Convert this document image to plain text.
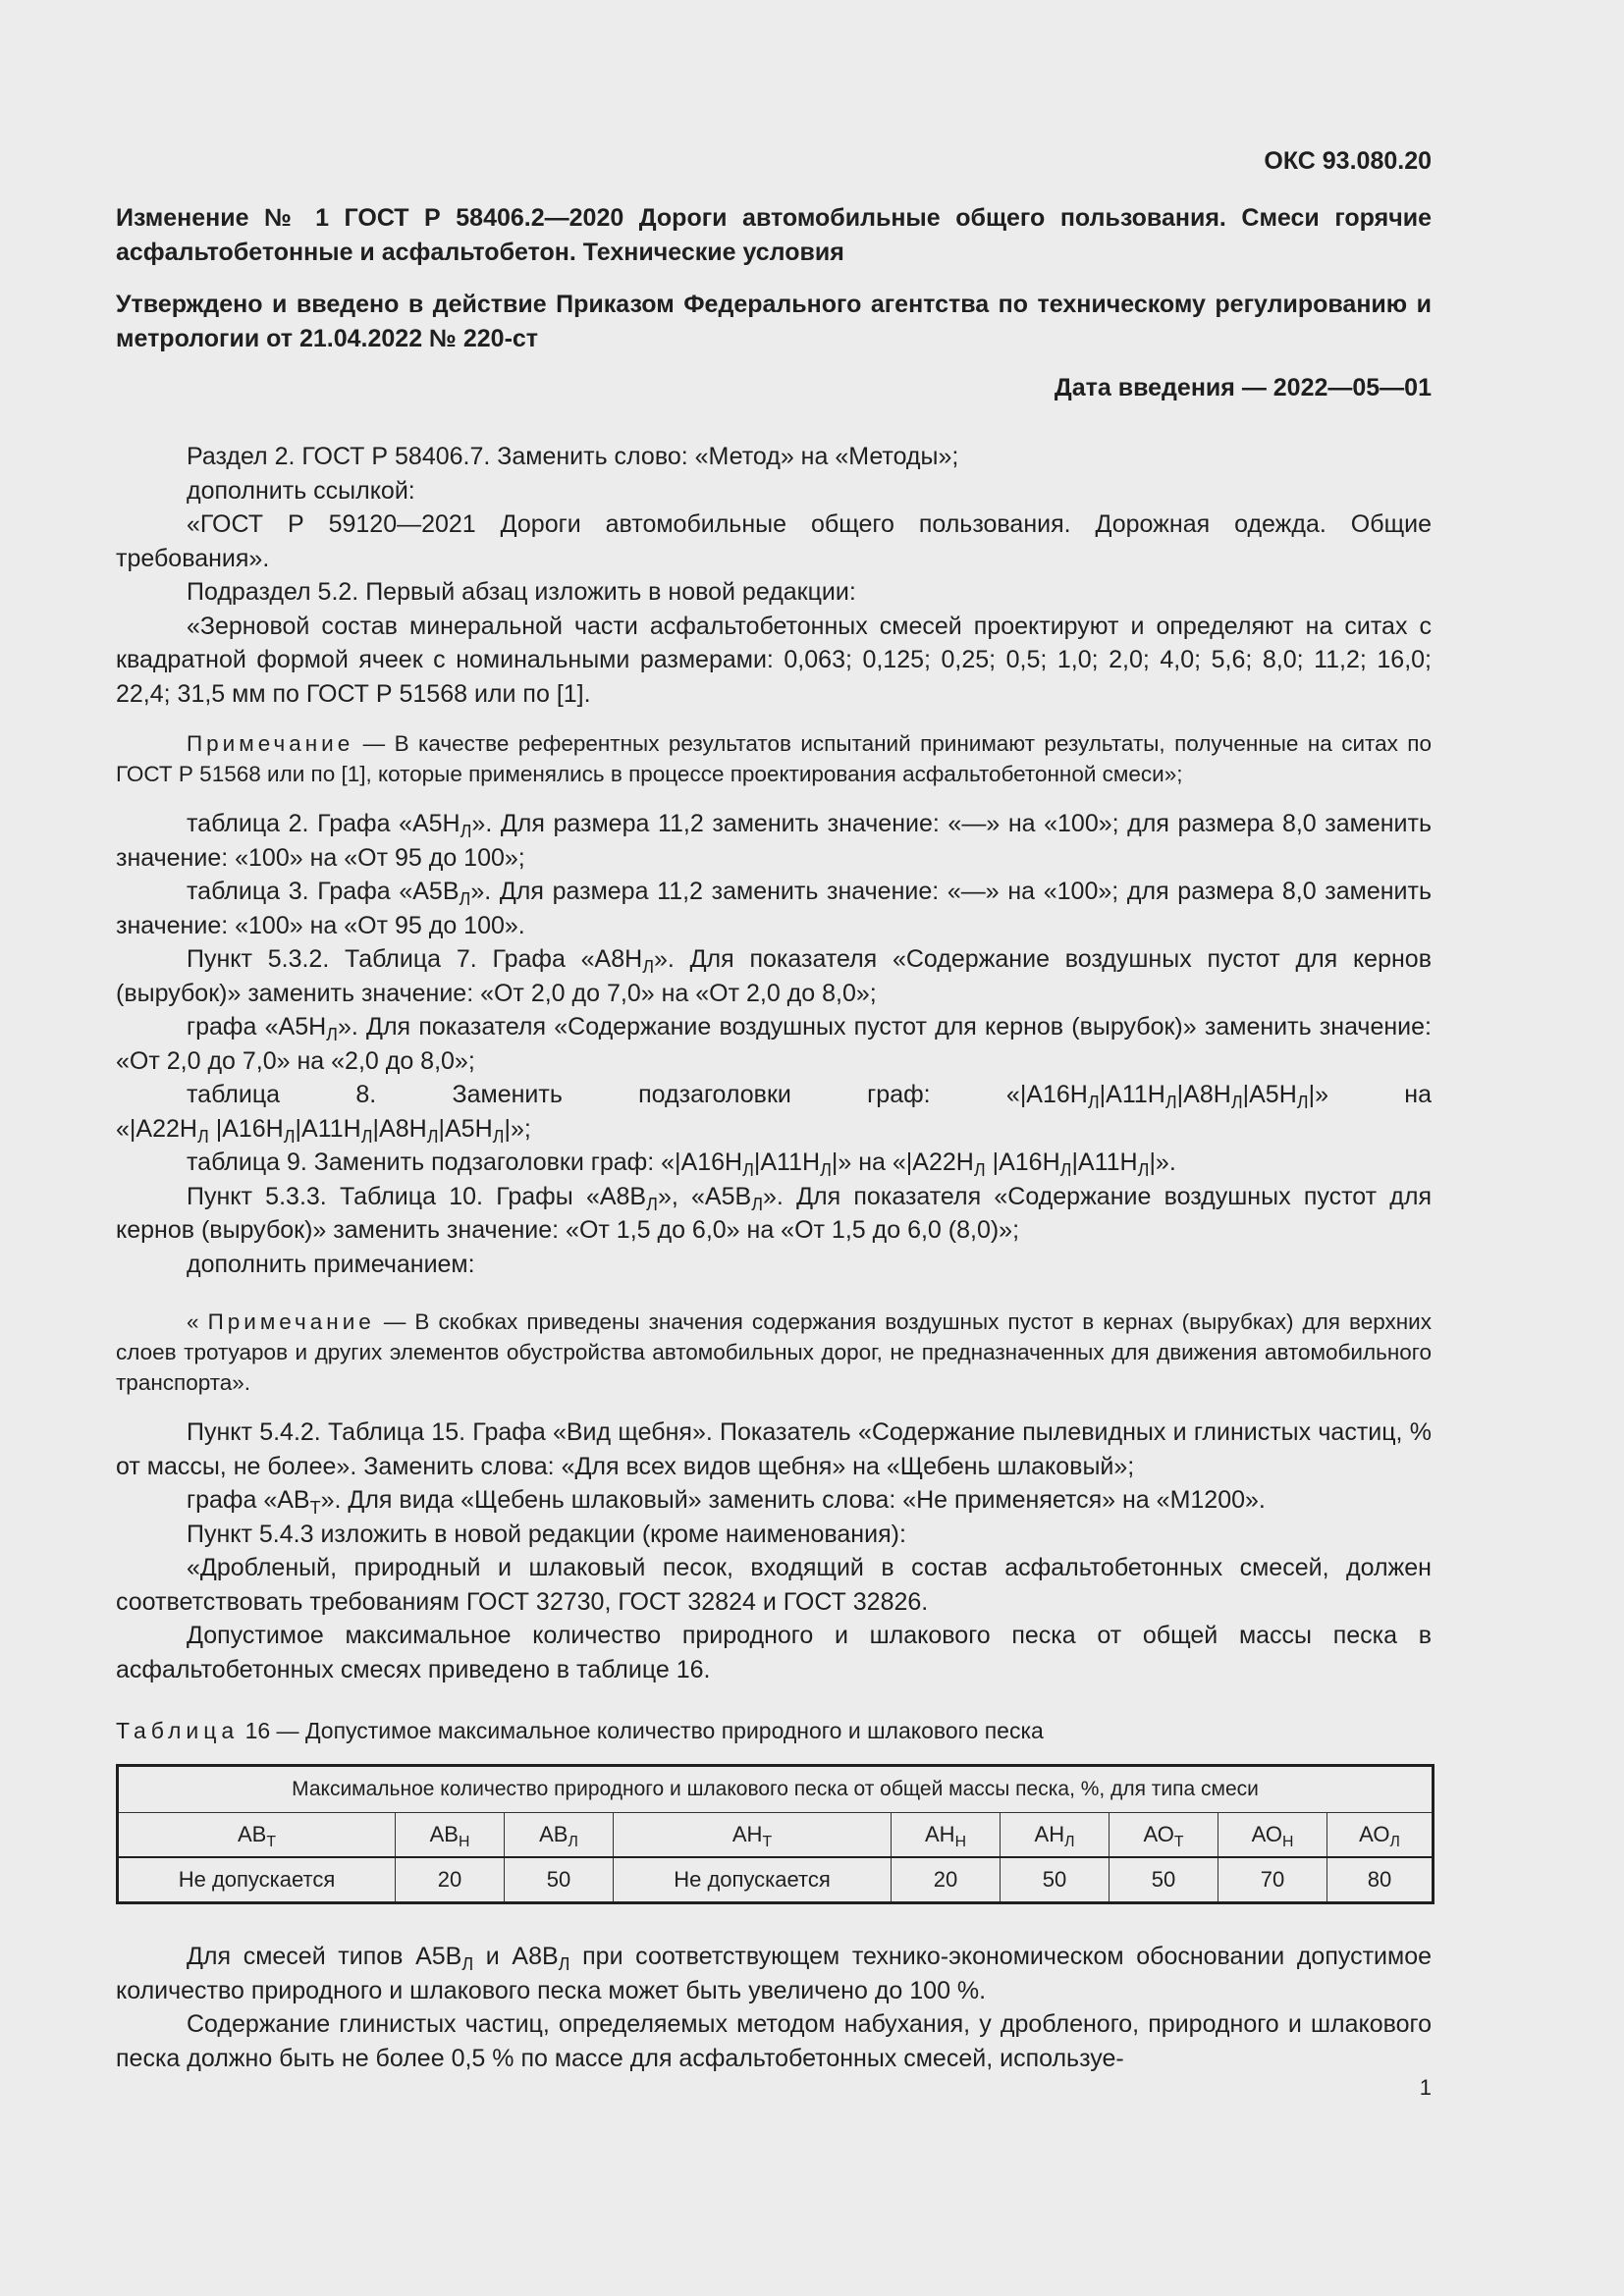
ОКС 93.080.20
Изменение № 1 ГОСТ Р 58406.2—2020 Дороги автомобильные общего пользования. Смеси горячие асфальтобетонные и асфальтобетон. Технические условия
Утверждено и введено в действие Приказом Федерального агентства по техническому регулированию и метрологии от 21.04.2022 № 220-ст
Дата введения — 2022—05—01

Раздел 2. ГОСТ Р 58406.7. Заменить слово: «Метод» на «Методы»;

дополнить ссылкой:

«ГОСТ Р 59120—2021 Дороги автомобильные общего пользования. Дорожная одежда. Общие требования».

Подраздел 5.2. Первый абзац изложить в новой редакции:

«Зерновой состав минеральной части асфальтобетонных смесей проектируют и определяют на ситах с квадратной формой ячеек с номинальными размерами: 0,063; 0,125; 0,25; 0,5; 1,0; 2,0; 4,0; 5,6; 8,0; 11,2; 16,0; 22,4; 31,5 мм по ГОСТ Р 51568 или по [1].

Примечание — В качестве референтных результатов испытаний принимают результаты, полученные на ситах по ГОСТ Р 51568 или по [1], которые применялись в процессе проектирования асфальтобетонной смеси»;

таблица 2. Графа «$А5Н_Л$». Для размера 11,2 заменить значение: «—» на «100»; для размера 8,0 заменить значение: «100» на «От 95 до 100»;

таблица 3. Графа «$А5В_Л$». Для размера 11,2 заменить значение: «—» на «100»; для размера 8,0 заменить значение: «100» на «От 95 до 100».

Пункт 5.3.2. Таблица 7. Графа «$А8Н_Л$». Для показателя «Содержание воздушных пустот для кернов (вырубок)» заменить значение: «От 2,0 до 7,0» на «От 2,0 до 8,0»;

графа «$А5Н_Л$». Для показателя «Содержание воздушных пустот для кернов (вырубок)» заменить значение: «От 2,0 до 7,0» на «2,0 до 8,0»;

таблица 8. Заменить подзаголовки граф: «$|А16Н_Л|А11Н_Л|А8Н_Л|А5Н_Л|$» на

«$|А22Н_Л$ $|А16Н_Л|А11Н_Л|А8Н_Л|А5Н_Л|$»;

таблица 9. Заменить подзаголовки граф: «$|А16Н_Л|А11Н_Л|$» на «$|А22Н_Л$ $|А16Н_Л|А11Н_Л|$».

Пункт 5.3.3. Таблица 10. Графы «$А8В_Л$», «$А5В_Л$». Для показателя «Содержание воздушных пустот для кернов (вырубок)» заменить значение: «От 1,5 до 6,0» на «От 1,5 до 6,0 (8,0)»;

дополнить примечанием:

« Примечание — В скобках приведены значения содержания воздушных пустот в кернах (вырубках) для верхних слоев тротуаров и других элементов обустройства автомобильных дорог, не предназначенных для движения автомобильного транспорта».

Пункт 5.4.2. Таблица 15. Графа «Вид щебня». Показатель «Содержание пылевидных и глинистых частиц, % от массы, не более». Заменить слова: «Для всех видов щебня» на «Щебень шлаковый»;

графа «$АВ_Т$». Для вида «Щебень шлаковый» заменить слова: «Не применяется» на «М1200».

Пункт 5.4.3 изложить в новой редакции (кроме наименования):

«Дробленый, природный и шлаковый песок, входящий в состав асфальтобетонных смесей, должен соответствовать требованиям ГОСТ 32730, ГОСТ 32824 и ГОСТ 32826.

Допустимое максимальное количество природного и шлакового песка от общей массы песка в асфальтобетонных смесях приведено в таблице 16.

Таблица 16 — Допустимое максимальное количество природного и шлакового песка
Максимальное количество природного и шлакового песка от общей массы песка, %, для типа смеси								
$АВ_Т$	$АВ_Н$	$АВ_Л$	$АН_Т$	$АН_Н$	$АН_Л$	$АО_Т$	$АО_Н$	$АО_Л$
Не допускается	20	50	Не допускается	20	50	50	70	80

Для смесей типов $А5В_Л$ и $А8В_Л$ при соответствующем технико-экономическом обосновании допустимое количество природного и шлакового песка может быть увеличено до 100 %.

Содержание глинистых частиц, определяемых методом набухания, у дробленого, природного и шлакового песка должно быть не более 0,5 % по массе для асфальтобетонных смесей, используе-

1
